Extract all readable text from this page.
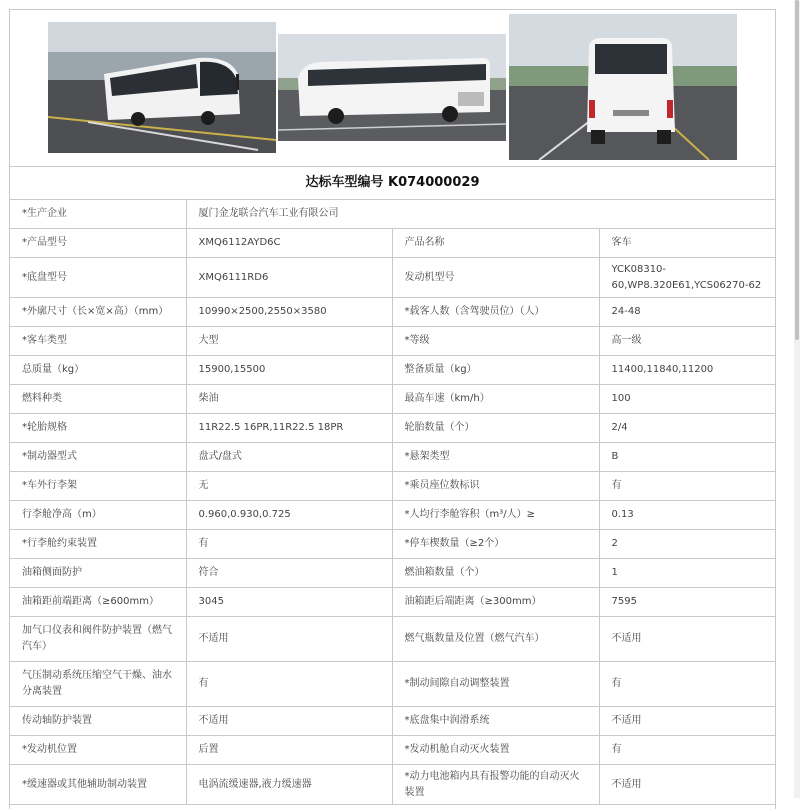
达标车型编号 K074000029
*生产企业	厦门金龙联合汽车工业有限公司		
*产品型号	XMQ6112AYD6C	产品名称	客车
*底盘型号	XMQ6111RD6	发动机型号	YCK08310-60,WP8.320E61,YCS06270-62
*外廓尺寸（长×宽×高）（mm）	10990×2500,2550×3580	*载客人数（含驾驶员位）（人）	24-48
*客车类型	大型	*等级	高一级
总质量（kg）	15900,15500	整备质量（kg）	11400,11840,11200
燃料种类	柴油	最高车速（km/h）	100
*轮胎规格	11R22.5 16PR,11R22.5 18PR	轮胎数量（个）	2/4
*制动器型式	盘式/盘式	*悬架类型	B
*车外行李架	无	*乘员座位数标识	有
行李舱净高（m）	0.960,0.930,0.725	*人均行李舱容积（m³/人）≥	0.13
*行李舱约束装置	有	*停车楔数量（≥2个）	2
油箱侧面防护	符合	燃油箱数量（个）	1
油箱距前端距离（≥600mm）	3045	油箱距后端距离（≥300mm）	7595
加气口仪表和阀件防护装置（燃气汽车）	不适用	燃气瓶数量及位置（燃气汽车）	不适用
气压制动系统压缩空气干燥、油水分离装置	有	*制动间隙自动调整装置	有
传动轴防护装置	不适用	*底盘集中润滑系统	不适用
*发动机位置	后置	*发动机舱自动灭火装置	有
*缓速器或其他辅助制动装置	电涡流缓速器,液力缓速器	*动力电池箱内具有报警功能的自动灭火装置	不适用
